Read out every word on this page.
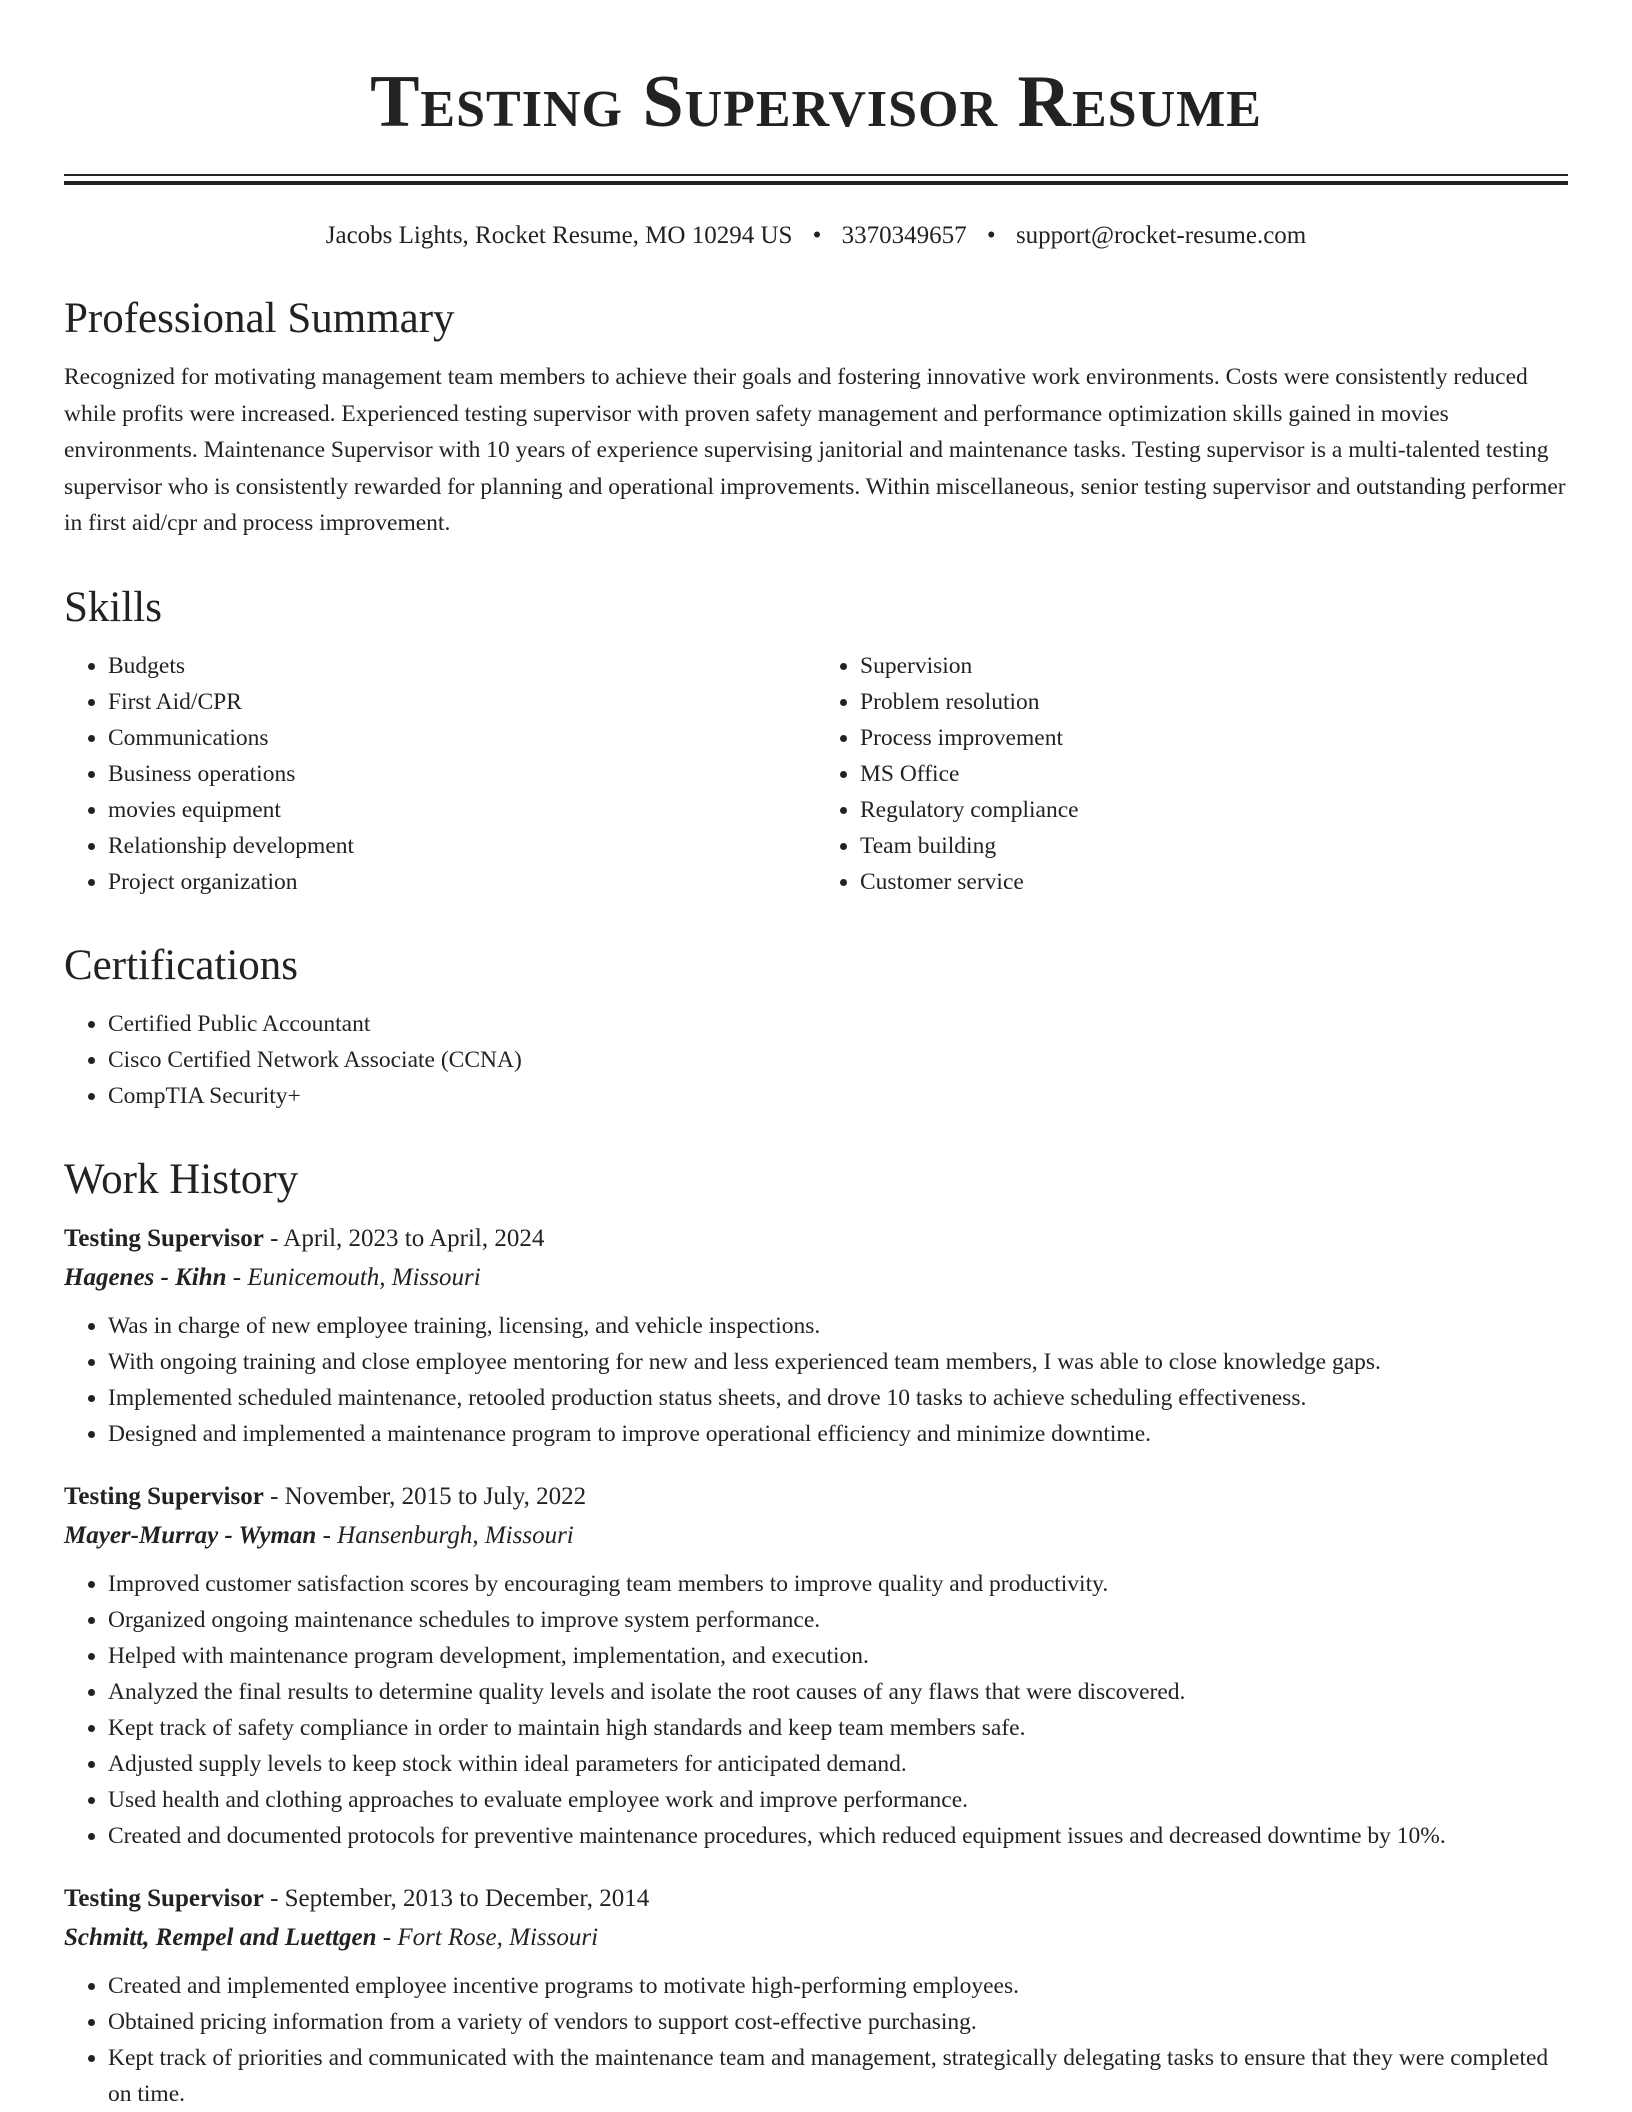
Testing Supervisor Resume
Jacobs Lights, Rocket Resume, MO 10294 US • 3370349657 • support@rocket-resume.com
Professional Summary

Recognized for motivating management team members to achieve their goals and fostering innovative work environments. Costs were consistently reduced while profits were increased. Experienced testing supervisor with proven safety management and performance optimization skills gained in movies environments. Maintenance Supervisor with 10 years of experience supervising janitorial and maintenance tasks. Testing supervisor is a multi-talented testing supervisor who is consistently rewarded for planning and operational improvements. Within miscellaneous, senior testing supervisor and outstanding performer in first aid/cpr and process improvement.

Skills
• Budgets
• First Aid/CPR
• Communications
• Business operations
• movies equipment
• Relationship development
• Project organization
• Supervision
• Problem resolution
• Process improvement
• MS Office
• Regulatory compliance
• Team building
• Customer service
Certifications
• Certified Public Accountant
• Cisco Certified Network Associate (CCNA)
• CompTIA Security+
Work History
Testing Supervisor - April, 2023 to April, 2024
Hagenes - Kihn - Eunicemouth, Missouri
• Was in charge of new employee training, licensing, and vehicle inspections.
• With ongoing training and close employee mentoring for new and less experienced team members, I was able to close knowledge gaps.
• Implemented scheduled maintenance, retooled production status sheets, and drove 10 tasks to achieve scheduling effectiveness.
• Designed and implemented a maintenance program to improve operational efficiency and minimize downtime.
Testing Supervisor - November, 2015 to July, 2022
Mayer-Murray - Wyman - Hansenburgh, Missouri
• Improved customer satisfaction scores by encouraging team members to improve quality and productivity.
• Organized ongoing maintenance schedules to improve system performance.
• Helped with maintenance program development, implementation, and execution.
• Analyzed the final results to determine quality levels and isolate the root causes of any flaws that were discovered.
• Kept track of safety compliance in order to maintain high standards and keep team members safe.
• Adjusted supply levels to keep stock within ideal parameters for anticipated demand.
• Used health and clothing approaches to evaluate employee work and improve performance.
• Created and documented protocols for preventive maintenance procedures, which reduced equipment issues and decreased downtime by 10%.
Testing Supervisor - September, 2013 to December, 2014
Schmitt, Rempel and Luettgen - Fort Rose, Missouri
• Created and implemented employee incentive programs to motivate high-performing employees.
• Obtained pricing information from a variety of vendors to support cost-effective purchasing.
• Kept track of priorities and communicated with the maintenance team and management, strategically delegating tasks to ensure that they were completed on time.
